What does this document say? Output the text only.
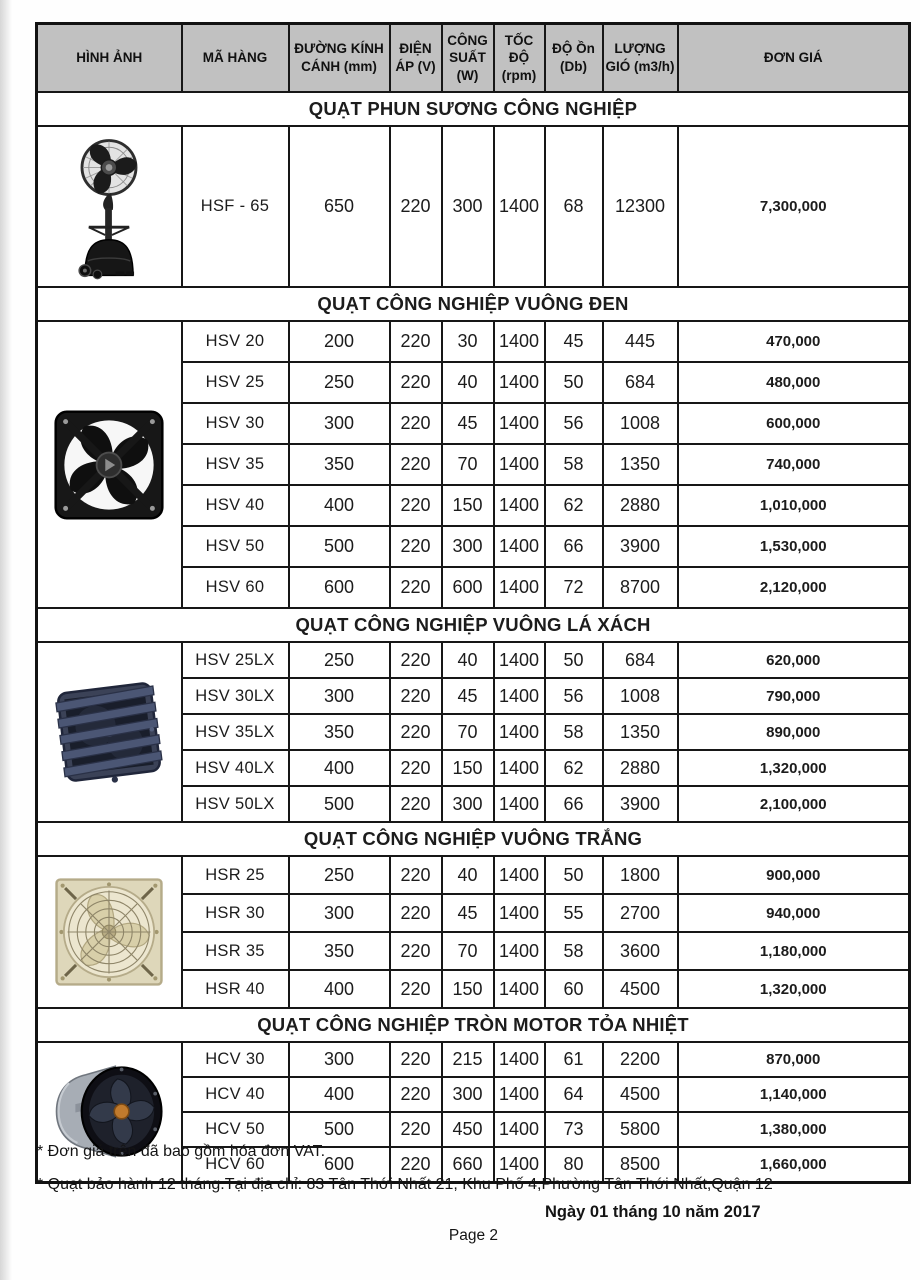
HÌNH ẢNH	MÃ HÀNG	ĐƯỜNG KÍNH CÁNH (mm)	ĐIỆN ÁP (V)	CÔNG SUẤT (W)	TỐC ĐỘ (rpm)	ĐỘ Ồn (Db)	LƯỢNG GIÓ (m3/h)	ĐƠN GIÁ
QUẠT PHUN SƯƠNG CÔNG NGHIỆP								

	HSF - 65	650	220	300	1400	68	12300	7,300,000
QUẠT CÔNG NGHIỆP VUÔNG ĐEN								

	HSV 20	200	220	30	1400	45	445	470,000
	HSV 25	250	220	40	1400	50	684	480,000
	HSV 30	300	220	45	1400	56	1008	600,000
	HSV 35	350	220	70	1400	58	1350	740,000
	HSV 40	400	220	150	1400	62	2880	1,010,000
	HSV 50	500	220	300	1400	66	3900	1,530,000
	HSV 60	600	220	600	1400	72	8700	2,120,000
QUẠT CÔNG NGHIỆP VUÔNG LÁ XÁCH								

	HSV 25LX	250	220	40	1400	50	684	620,000
	HSV 30LX	300	220	45	1400	56	1008	790,000
	HSV 35LX	350	220	70	1400	58	1350	890,000
	HSV 40LX	400	220	150	1400	62	2880	1,320,000
	HSV 50LX	500	220	300	1400	66	3900	2,100,000
QUẠT CÔNG NGHIỆP VUÔNG TRẮNG								

	HSR 25	250	220	40	1400	50	1800	900,000
	HSR 30	300	220	45	1400	55	2700	940,000
	HSR 35	350	220	70	1400	58	3600	1,180,000
	HSR 40	400	220	150	1400	60	4500	1,320,000
QUẠT CÔNG NGHIỆP TRÒN MOTOR TỎA NHIỆT								

	HCV 30	300	220	215	1400	61	2200	870,000
	HCV 40	400	220	300	1400	64	4500	1,140,000
	HCV 50	500	220	450	1400	73	5800	1,380,000
	HCV 60	600	220	660	1400	80	8500	1,660,000

* Đơn giá trên đã bao gồm hóa đơn VAT.

* Quạt bảo hành 12 tháng.Tại địa chỉ: 83 Tân Thới Nhất 21, Khu Phố 4,Phường Tân Thới Nhất,Quận 12

Ngày 01 tháng 10 năm 2017
Page 2
